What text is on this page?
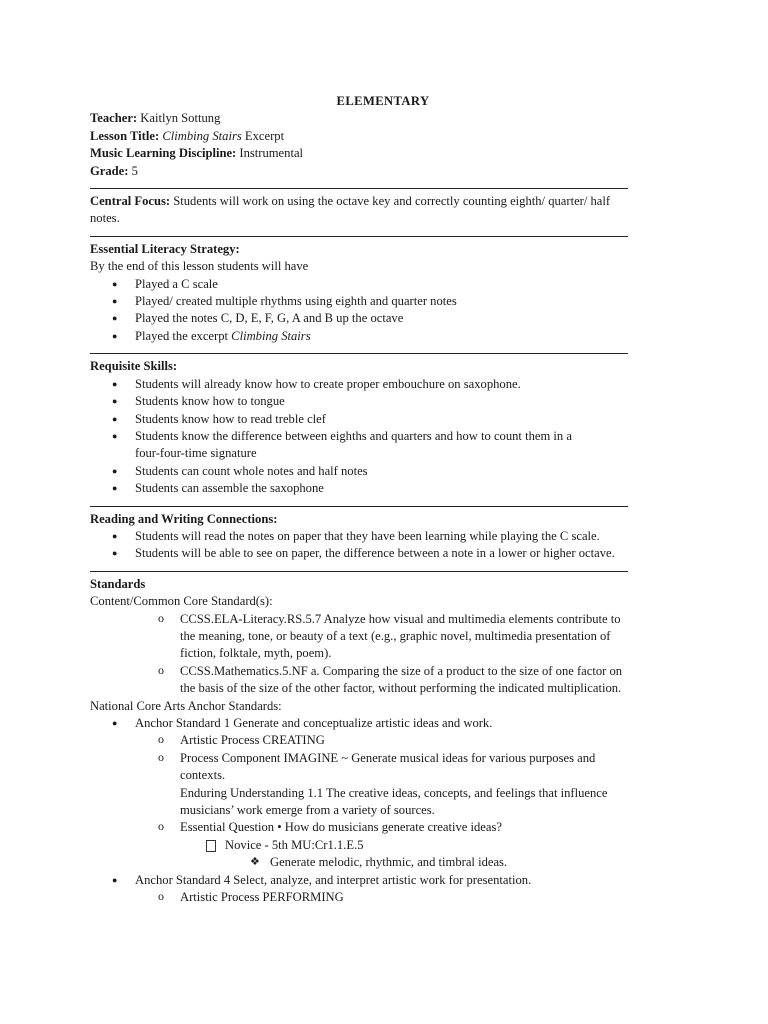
ELEMENTARY
Teacher: Kaitlyn Sottung
Lesson Title: Climbing Stairs Excerpt
Music Learning Discipline: Instrumental
Grade: 5
Central Focus: Students will work on using the octave key and correctly counting eighth/ quarter/ half
notes.
Essential Literacy Strategy:
By the end of this lesson students will have
● Played a C scale
● Played/ created multiple rhythms using eighth and quarter notes
● Played the notes C, D, E, F, G, A and B up the octave
● Played the excerpt Climbing Stairs
Requisite Skills:
● Students will already know how to create proper embouchure on saxophone.
● Students know how to tongue
● Students know how to read treble clef
● Students know the difference between eighths and quarters and how to count them in a
four-four-time signature
● Students can count whole notes and half notes
● Students can assemble the saxophone
Reading and Writing Connections:
● Students will read the notes on paper that they have been learning while playing the C scale.
● Students will be able to see on paper, the difference between a note in a lower or higher octave.
Standards
Content/Common Core Standard(s):
o CCSS.ELA-Literacy.RS.5.7 Analyze how visual and multimedia elements contribute to
the meaning, tone, or beauty of a text (e.g., graphic novel, multimedia presentation of
fiction, folktale, myth, poem).
o CCSS.Mathematics.5.NF a. Comparing the size of a product to the size of one factor on
the basis of the size of the other factor, without performing the indicated multiplication.
National Core Arts Anchor Standards:
● Anchor Standard 1 Generate and conceptualize artistic ideas and work.
o Artistic Process CREATING
o Process Component IMAGINE ~ Generate musical ideas for various purposes and
contexts.
Enduring Understanding 1.1 The creative ideas, concepts, and feelings that influence
musicians’ work emerge from a variety of sources.
o Essential Question • How do musicians generate creative ideas?
Novice - 5th MU:Cr1.1.E.5
❖ Generate melodic, rhythmic, and timbral ideas.
● Anchor Standard 4 Select, analyze, and interpret artistic work for presentation.
o Artistic Process PERFORMING
